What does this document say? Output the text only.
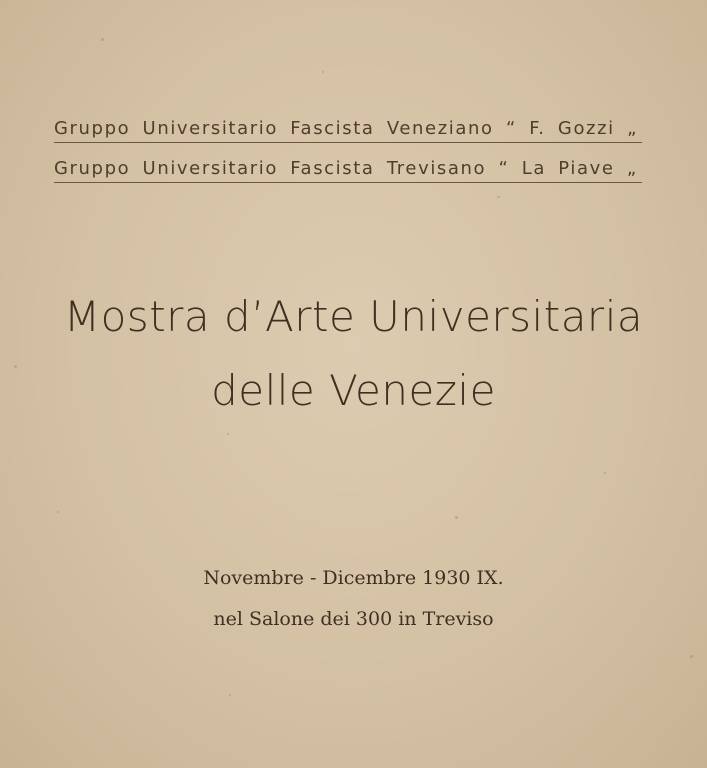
Gruppo Universitario Fascista Veneziano “ F. Gozzi „
Gruppo Universitario Fascista Trevisano “ La Piave „
Mostra d’Arte Universitaria
delle Venezie
Novembre - Dicembre 1930 IX.
nel Salone dei 300 in Treviso
